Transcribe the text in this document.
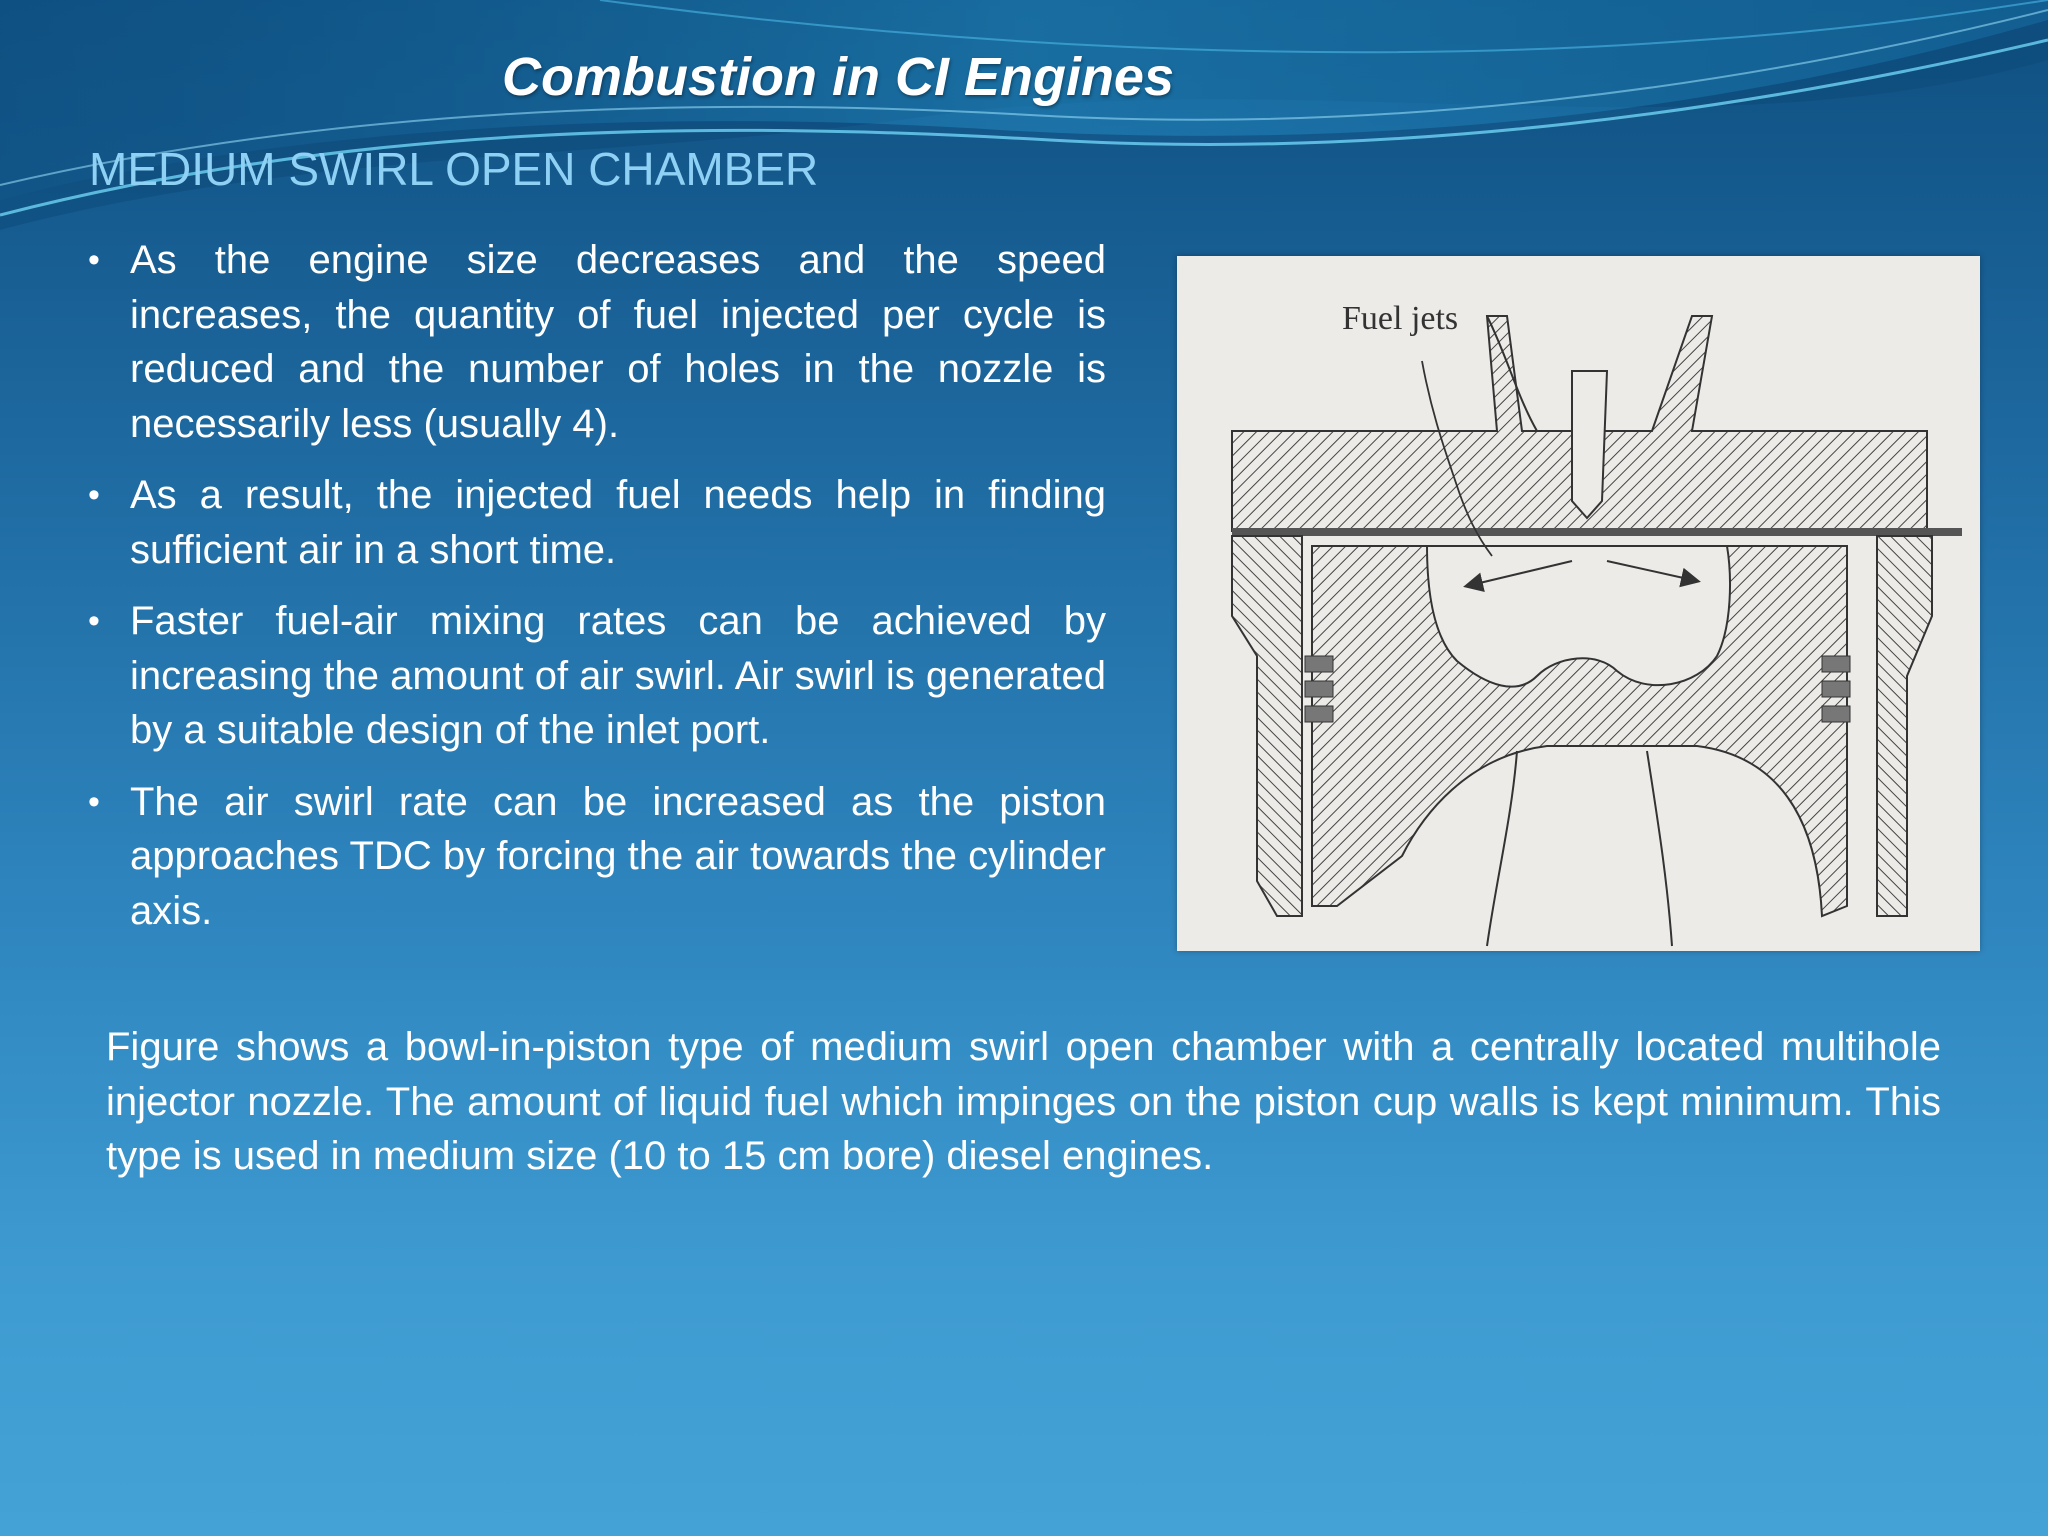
Combustion in CI Engines
MEDIUM SWIRL OPEN CHAMBER
• As the engine size decreases and the speed increases, the quantity of fuel injected per cycle is reduced and the number of holes in the nozzle is necessarily less (usually 4).
• As a result, the injected fuel needs help in finding sufficient air in a short time.
• Faster fuel-air mixing rates can be achieved by increasing the amount of air swirl. Air swirl is generated by a suitable design of the inlet port.
• The air swirl rate can be increased as the piston approaches TDC by forcing the air towards the cylinder axis.
Fuel jets

Figure shows a bowl-in-piston type of medium swirl open chamber with a centrally located multihole injector nozzle. The amount of liquid fuel which impinges on the piston cup walls is kept minimum. This type is used in medium size (10 to 15 cm bore) diesel engines.
